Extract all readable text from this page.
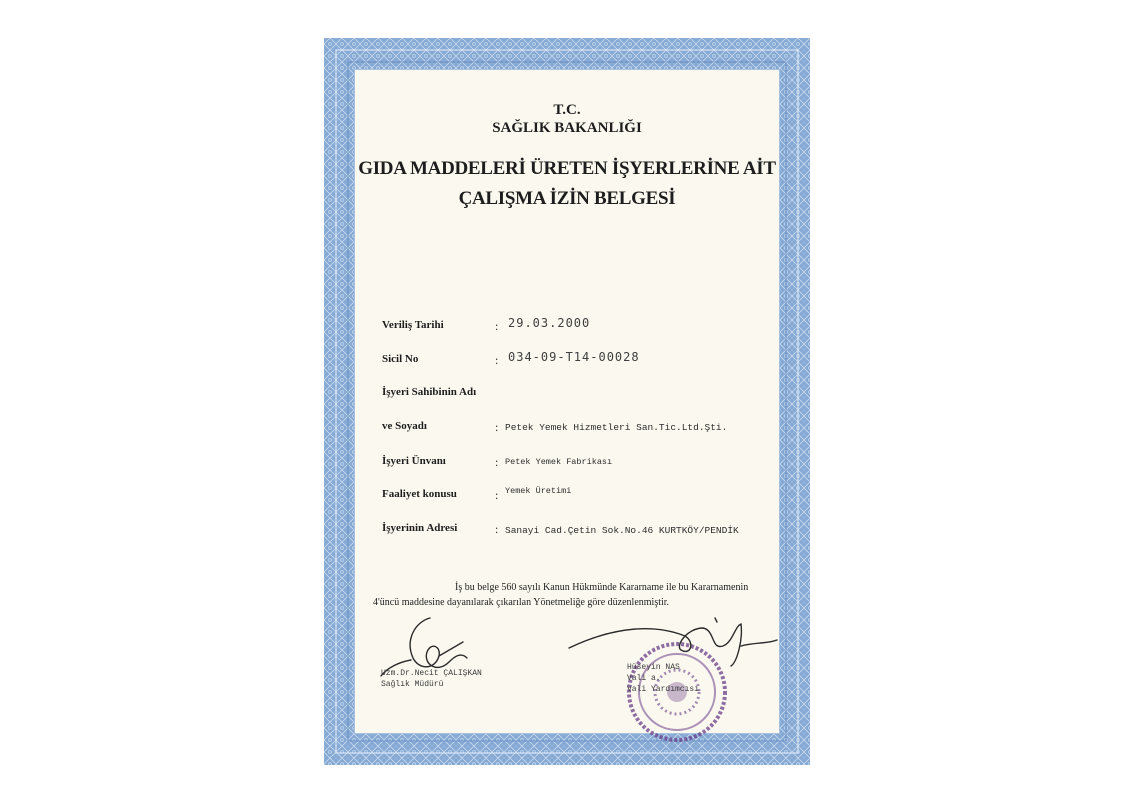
T.C.
SAĞLIK BAKANLIĞI
GIDA MADDELERİ ÜRETEN İŞYERLERİNE AİT
ÇALIŞMA İZİN BELGESİ
Veriliş Tarihi	: 29.03.2000
Sicil No	: 034-09-T14-00028
İşyeri Sahibinin Adı
ve Soyadı	: Petek Yemek Hizmetleri San.Tic.Ltd.Şti.
İşyeri Ünvanı	: Petek Yemek Fabrikası
Faaliyet konusu	: Yemek Üretimi
İşyerinin Adresi	: Sanayi Cad.Çetin Sok.No.46 KURTKÖY/PENDİK
İş bu belge 560 sayılı Kanun Hükmünde Kararname ile bu Kararnamenin
4'üncü maddesine dayanılarak çıkarılan Yönetmeliğe göre düzenlenmiştir.
Uzm.Dr.Necit ÇALIŞKAN
Sağlık Müdürü
Hüseyin NAS
Vali a.
Vali Yardımcısı
